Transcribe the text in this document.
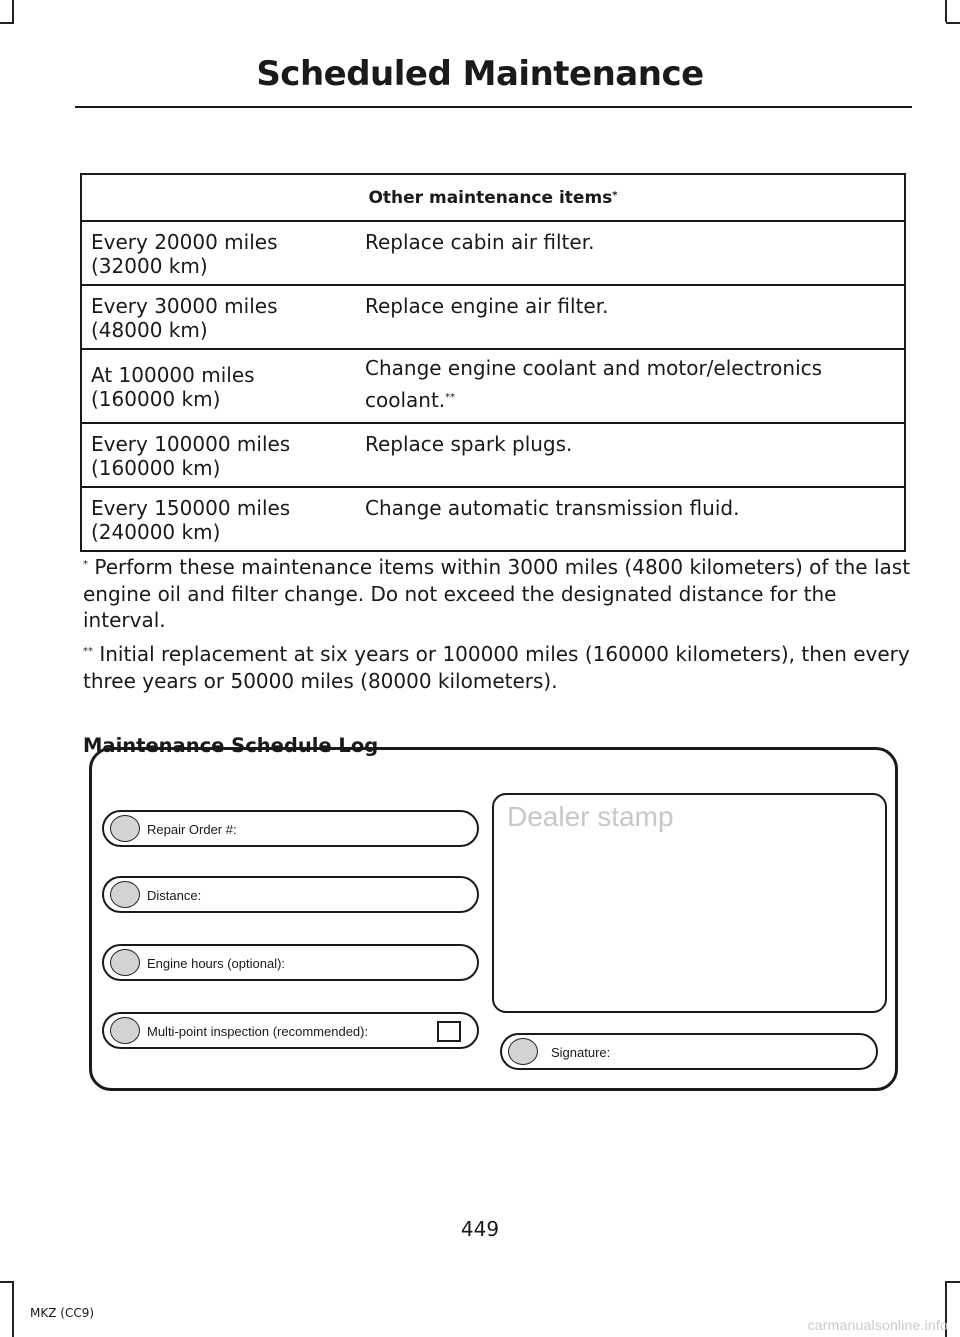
Scheduled Maintenance
Other maintenance items*
Every 20000 miles
(32000 km)	Replace cabin air filter.
Every 30000 miles
(48000 km)	Replace engine air filter.
At 100000 miles
(160000 km)	Change engine coolant and motor/electronics
coolant.**
Every 100000 miles
(160000 km)	Replace spark plugs.
Every 150000 miles
(240000 km)	Change automatic transmission fluid.
* Perform these maintenance items within 3000 miles (4800 kilometers) of the last engine oil and filter change. Do not exceed the designated distance for the interval.
** Initial replacement at six years or 100000 miles (160000 kilometers), then every three years or 50000 miles (80000 kilometers).
Maintenance Schedule Log
Repair Order #:
Distance:
Engine hours (optional):
Multi-point inspection (recommended):
Dealer stamp
Signature:
449
MKZ (CC9)
carmanualsonline.info
